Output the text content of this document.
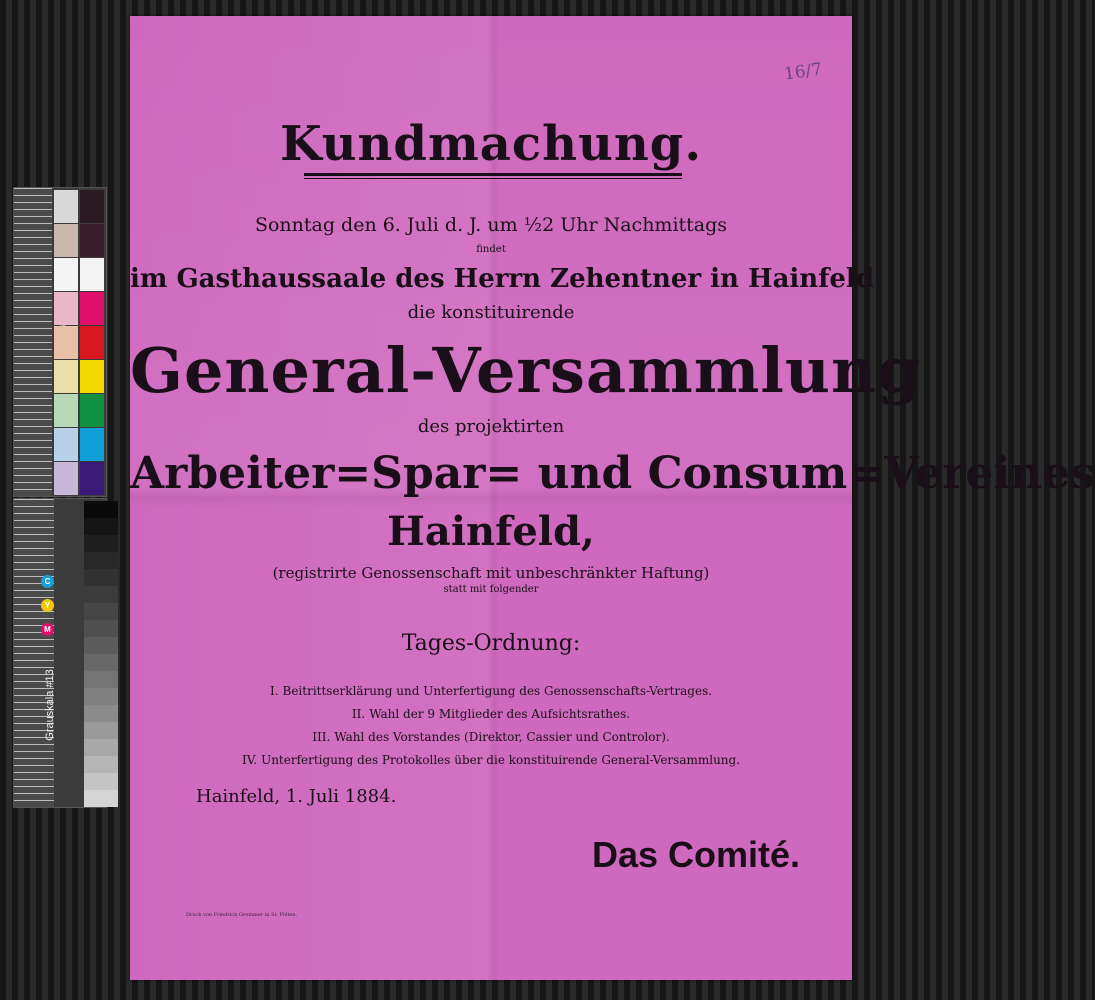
Grauskala #13
C
Y
M
16/7
Kundmachung.
Sonntag den 6. Juli d. J. um ½2 Uhr Nachmittags
findet
im Gasthaussaale des Herrn Zehentner in Hainfeld
die konstituirende
General-Versammlung
des projektirten
Arbeiter=Spar= und Consum=Vereines
Hainfeld,
(registrirte Genossenschaft mit unbeschränkter Haftung)
statt mit folgender
Tages-Ordnung:
I. Beitrittserklärung und Unterfertigung des Genossenschafts-Vertrages.
II. Wahl der 9 Mitglieder des Aufsichtsrathes.
III. Wahl des Vorstandes (Direktor, Cassier und Controlor).
IV. Unterfertigung des Protokolles über die konstituirende General-Versammlung.
Hainfeld, 1. Juli 1884.
Das Comité.
Druck von Friedrich Gremmer in St. Pölten.
